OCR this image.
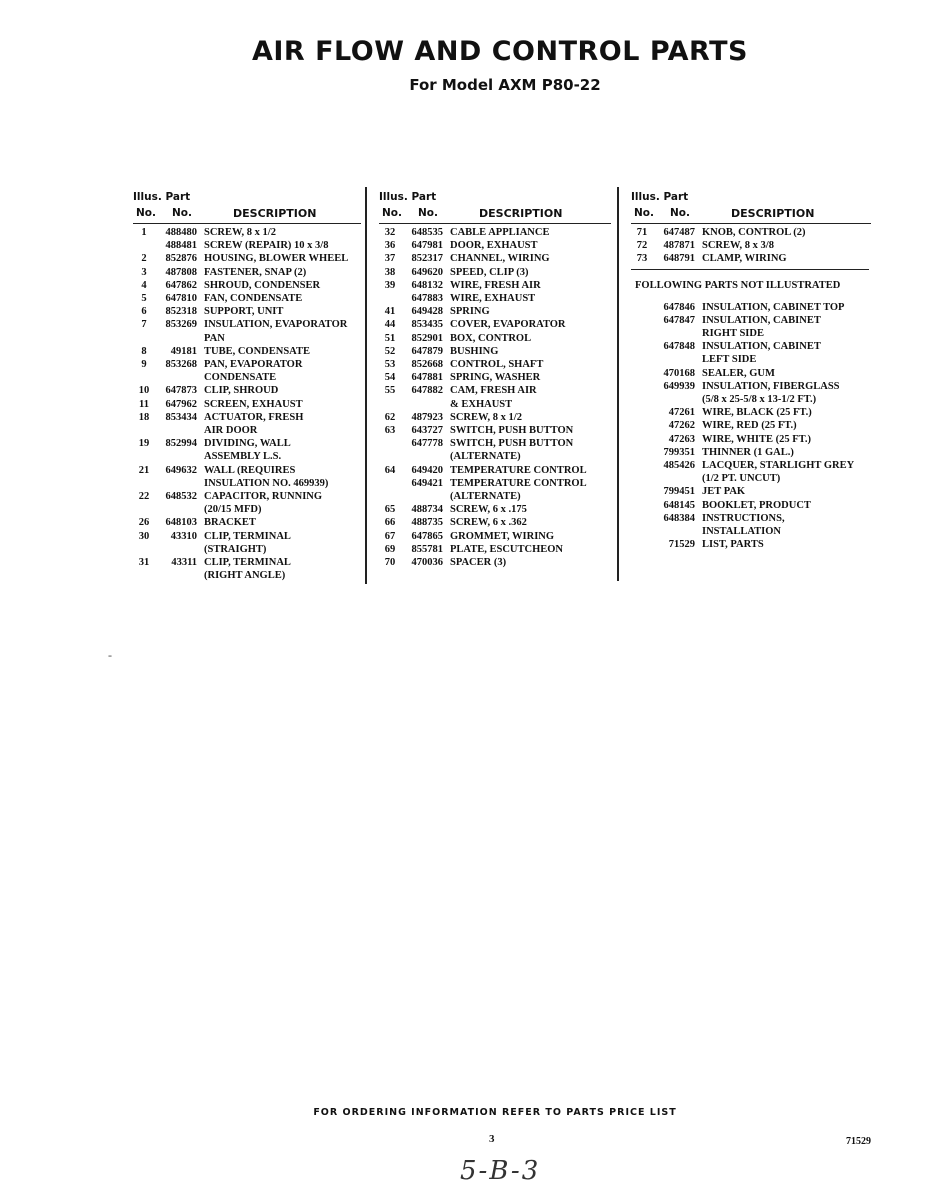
AIR FLOW AND CONTROL PARTS
For Model AXM P80-22
Illus. Part
No. No.	DESCRIPTION
1	488480 SCREW, 8 x 1/2
488481 SCREW (REPAIR) 10 x 3/8
2	852876 HOUSING, BLOWER WHEEL
3	487808 FASTENER, SNAP (2)
4	647862 SHROUD, CONDENSER
5	647810 FAN, CONDENSATE
6	852318 SUPPORT, UNIT
7	853269 INSULATION, EVAPORATOR
PAN
8	49181 TUBE, CONDENSATE
9	853268 PAN, EVAPORATOR
CONDENSATE
10	647873 CLIP, SHROUD
11	647962 SCREEN, EXHAUST
18	853434 ACTUATOR, FRESH
AIR DOOR
19	852994 DIVIDING, WALL
ASSEMBLY L.S.
21	649632 WALL (REQUIRES
INSULATION NO. 469939)
22	648532 CAPACITOR, RUNNING
(20/15 MFD)
26	648103 BRACKET
30	43310 CLIP, TERMINAL
(STRAIGHT)
31	43311 CLIP, TERMINAL
(RIGHT ANGLE)
Illus. Part
No. No.	DESCRIPTION
32	648535 CABLE APPLIANCE
36	647981 DOOR, EXHAUST
37	852317 CHANNEL, WIRING
38	649620 SPEED, CLIP (3)
39	648132 WIRE, FRESH AIR
647883 WIRE, EXHAUST
41	649428 SPRING
44	853435 COVER, EVAPORATOR
51	852901 BOX, CONTROL
52	647879 BUSHING
53	852668 CONTROL, SHAFT
54	647881 SPRING, WASHER
55	647882 CAM, FRESH AIR
& EXHAUST
62	487923 SCREW, 8 x 1/2
63	643727 SWITCH, PUSH BUTTON
647778 SWITCH, PUSH BUTTON
(ALTERNATE)
64	649420 TEMPERATURE CONTROL
649421 TEMPERATURE CONTROL
(ALTERNATE)
65	488734 SCREW, 6 x .175
66	488735 SCREW, 6 x .362
67	647865 GROMMET, WIRING
69	855781 PLATE, ESCUTCHEON
70	470036 SPACER (3)
Illus. Part
No. No.	DESCRIPTION
71	647487 KNOB, CONTROL (2)
72	487871 SCREW, 8 x 3/8
73	648791 CLAMP, WIRING
FOLLOWING PARTS NOT ILLUSTRATED
647846 INSULATION, CABINET TOP
647847 INSULATION, CABINET
RIGHT SIDE
647848 INSULATION, CABINET
LEFT SIDE
470168 SEALER, GUM
649939 INSULATION, FIBERGLASS
(5/8 x 25-5/8 x 13-1/2 FT.)
47261 WIRE, BLACK (25 FT.)
47262 WIRE, RED (25 FT.)
47263 WIRE, WHITE (25 FT.)
799351 THINNER (1 GAL.)
485426 LACQUER, STARLIGHT GREY
(1/2 PT. UNCUT)
799451 JET PAK
648145 BOOKLET, PRODUCT
648384 INSTRUCTIONS,
INSTALLATION
71529 LIST, PARTS
-
FOR ORDERING INFORMATION REFER TO PARTS PRICE LIST
3	71529
5-B-3
